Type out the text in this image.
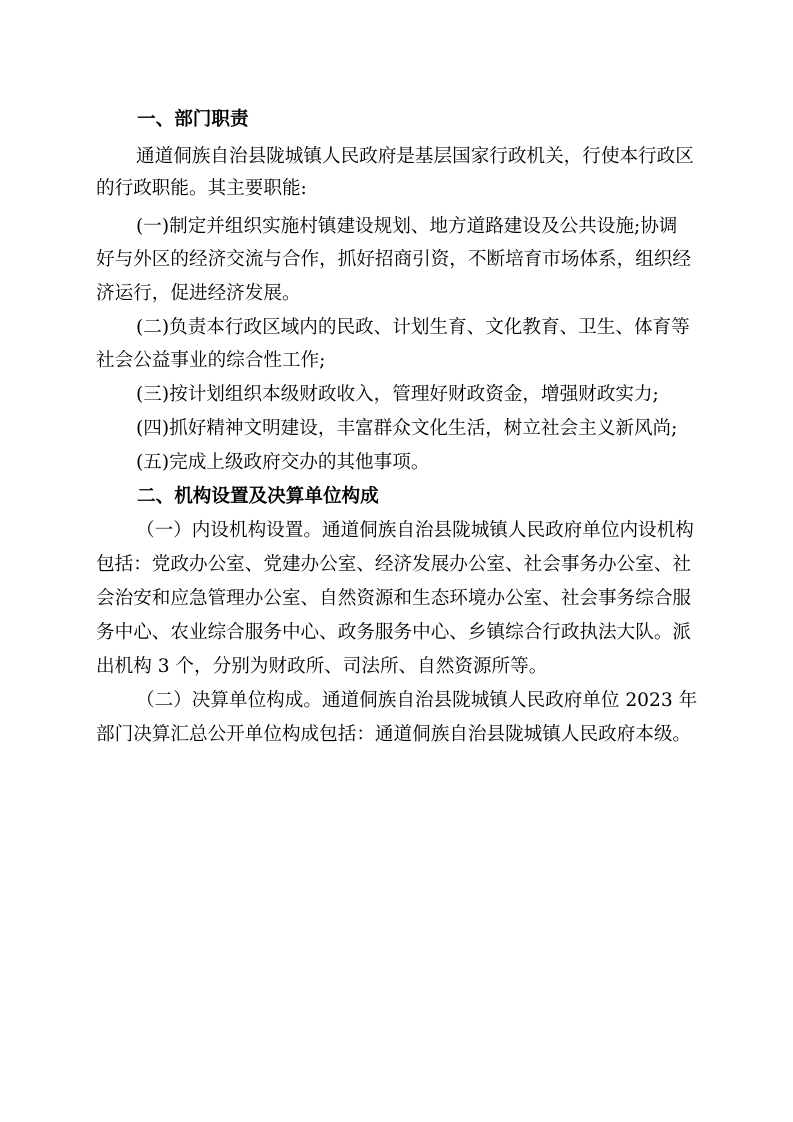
一、部门职责
通道侗族自治县陇城镇人民政府是基层国家行政机关，行使本行政区
的行政职能。其主要职能:
(一)制定并组织实施村镇建设规划、地方道路建设及公共设施;协调
好与外区的经济交流与合作，抓好招商引资，不断培育市场体系，组织经
济运行，促进经济发展。
(二)负责本行政区域内的民政、计划生育、文化教育、卫生、体育等
社会公益事业的综合性工作;
(三)按计划组织本级财政收入，管理好财政资金，增强财政实力;
(四)抓好精神文明建设，丰富群众文化生活，树立社会主义新风尚;
(五)完成上级政府交办的其他事项。
二、机构设置及决算单位构成
（一）内设机构设置。通道侗族自治县陇城镇人民政府单位内设机构
包括：党政办公室、党建办公室、经济发展办公室、社会事务办公室、社
会治安和应急管理办公室、自然资源和生态环境办公室、社会事务综合服
务中心、农业综合服务中心、政务服务中心、乡镇综合行政执法大队。派
出机构 3 个，分别为财政所、司法所、自然资源所等。
（二）决算单位构成。通道侗族自治县陇城镇人民政府单位 2023 年
部门决算汇总公开单位构成包括：通道侗族自治县陇城镇人民政府本级。
